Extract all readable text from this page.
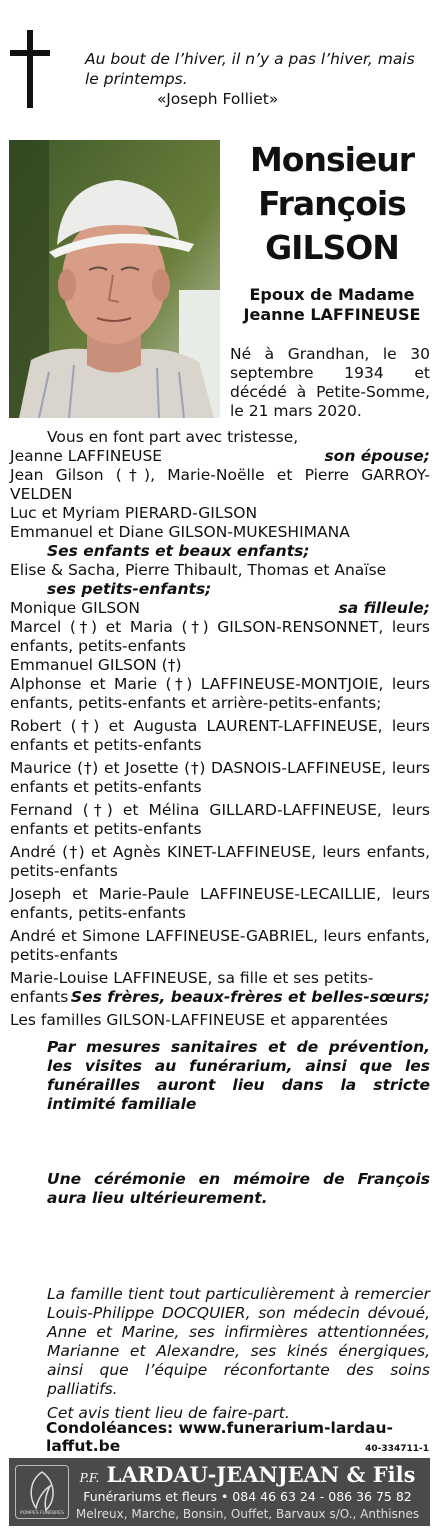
Au bout de l’hiver, il n’y a pas l’hiver, mais le printemps.
«Joseph Folliet»
Monsieur
François
GILSON
Epoux de Madame
Jeanne LAFFINEUSE
Né à Grandhan, le 30 septembre 1934 et décédé à Petite-Somme, le 21 mars 2020.
Vous en font part avec tristesse,
Jeanne LAFFINEUSE	son épouse;
Jean Gilson (†), Marie-Noëlle et Pierre GARROY-VELDEN
Luc et Myriam PIERARD-GILSON
Emmanuel et Diane GILSON-MUKESHIMANA
Ses enfants et beaux enfants;
Elise & Sacha, Pierre Thibault, Thomas et Anaïse
ses petits-enfants;
Monique GILSON	sa filleule;
Marcel (†) et Maria (†) GILSON-RENSONNET, leurs enfants, petits-enfants
Emmanuel GILSON (†)
Alphonse et Marie (†) LAFFINEUSE-MONTJOIE, leurs enfants, petits-enfants et arrière-petits-enfants;
Robert (†) et Augusta LAURENT-LAFFINEUSE, leurs enfants et petits-enfants
Maurice (†) et Josette (†) DASNOIS-LAFFINEUSE, leurs enfants et petits-enfants
Fernand (†) et Mélina GILLARD-LAFFINEUSE, leurs enfants et petits-enfants
André (†) et Agnès KINET-LAFFINEUSE, leurs enfants, petits-enfants
Joseph et Marie-Paule LAFFINEUSE-LECAILLIE, leurs enfants, petits-enfants
André et Simone LAFFINEUSE-GABRIEL, leurs enfants, petits-enfants
Marie-Louise LAFFINEUSE, sa fille et ses petits-
enfants Ses frères, beaux-frères et belles-sœurs;
Les familles GILSON-LAFFINEUSE et apparentées
Par mesures sanitaires et de prévention, les visites au funérarium, ainsi que les funérailles auront lieu dans la stricte intimité familiale
Une cérémonie en mémoire de François aura lieu ultérieurement.
La famille tient tout particulièrement à remercier Louis-Philippe DOCQUIER, son médecin dévoué, Anne et Marine, ses infirmières attentionnées, Marianne et Alexandre, ses kinés énergiques, ainsi que l’équipe réconfortante des soins palliatifs.
Cet avis tient lieu de faire-part.
Condoléances: www.funerarium-lardau-laffut.be	40-334711-1
POMPES FUNÈBRES
P.F. LARDAU-JEANJEAN & Fils
Funérariums et fleurs • 084 46 63 24 - 086 36 75 82
Melreux, Marche, Bonsin, Ouffet, Barvaux s/O., Anthisnes
